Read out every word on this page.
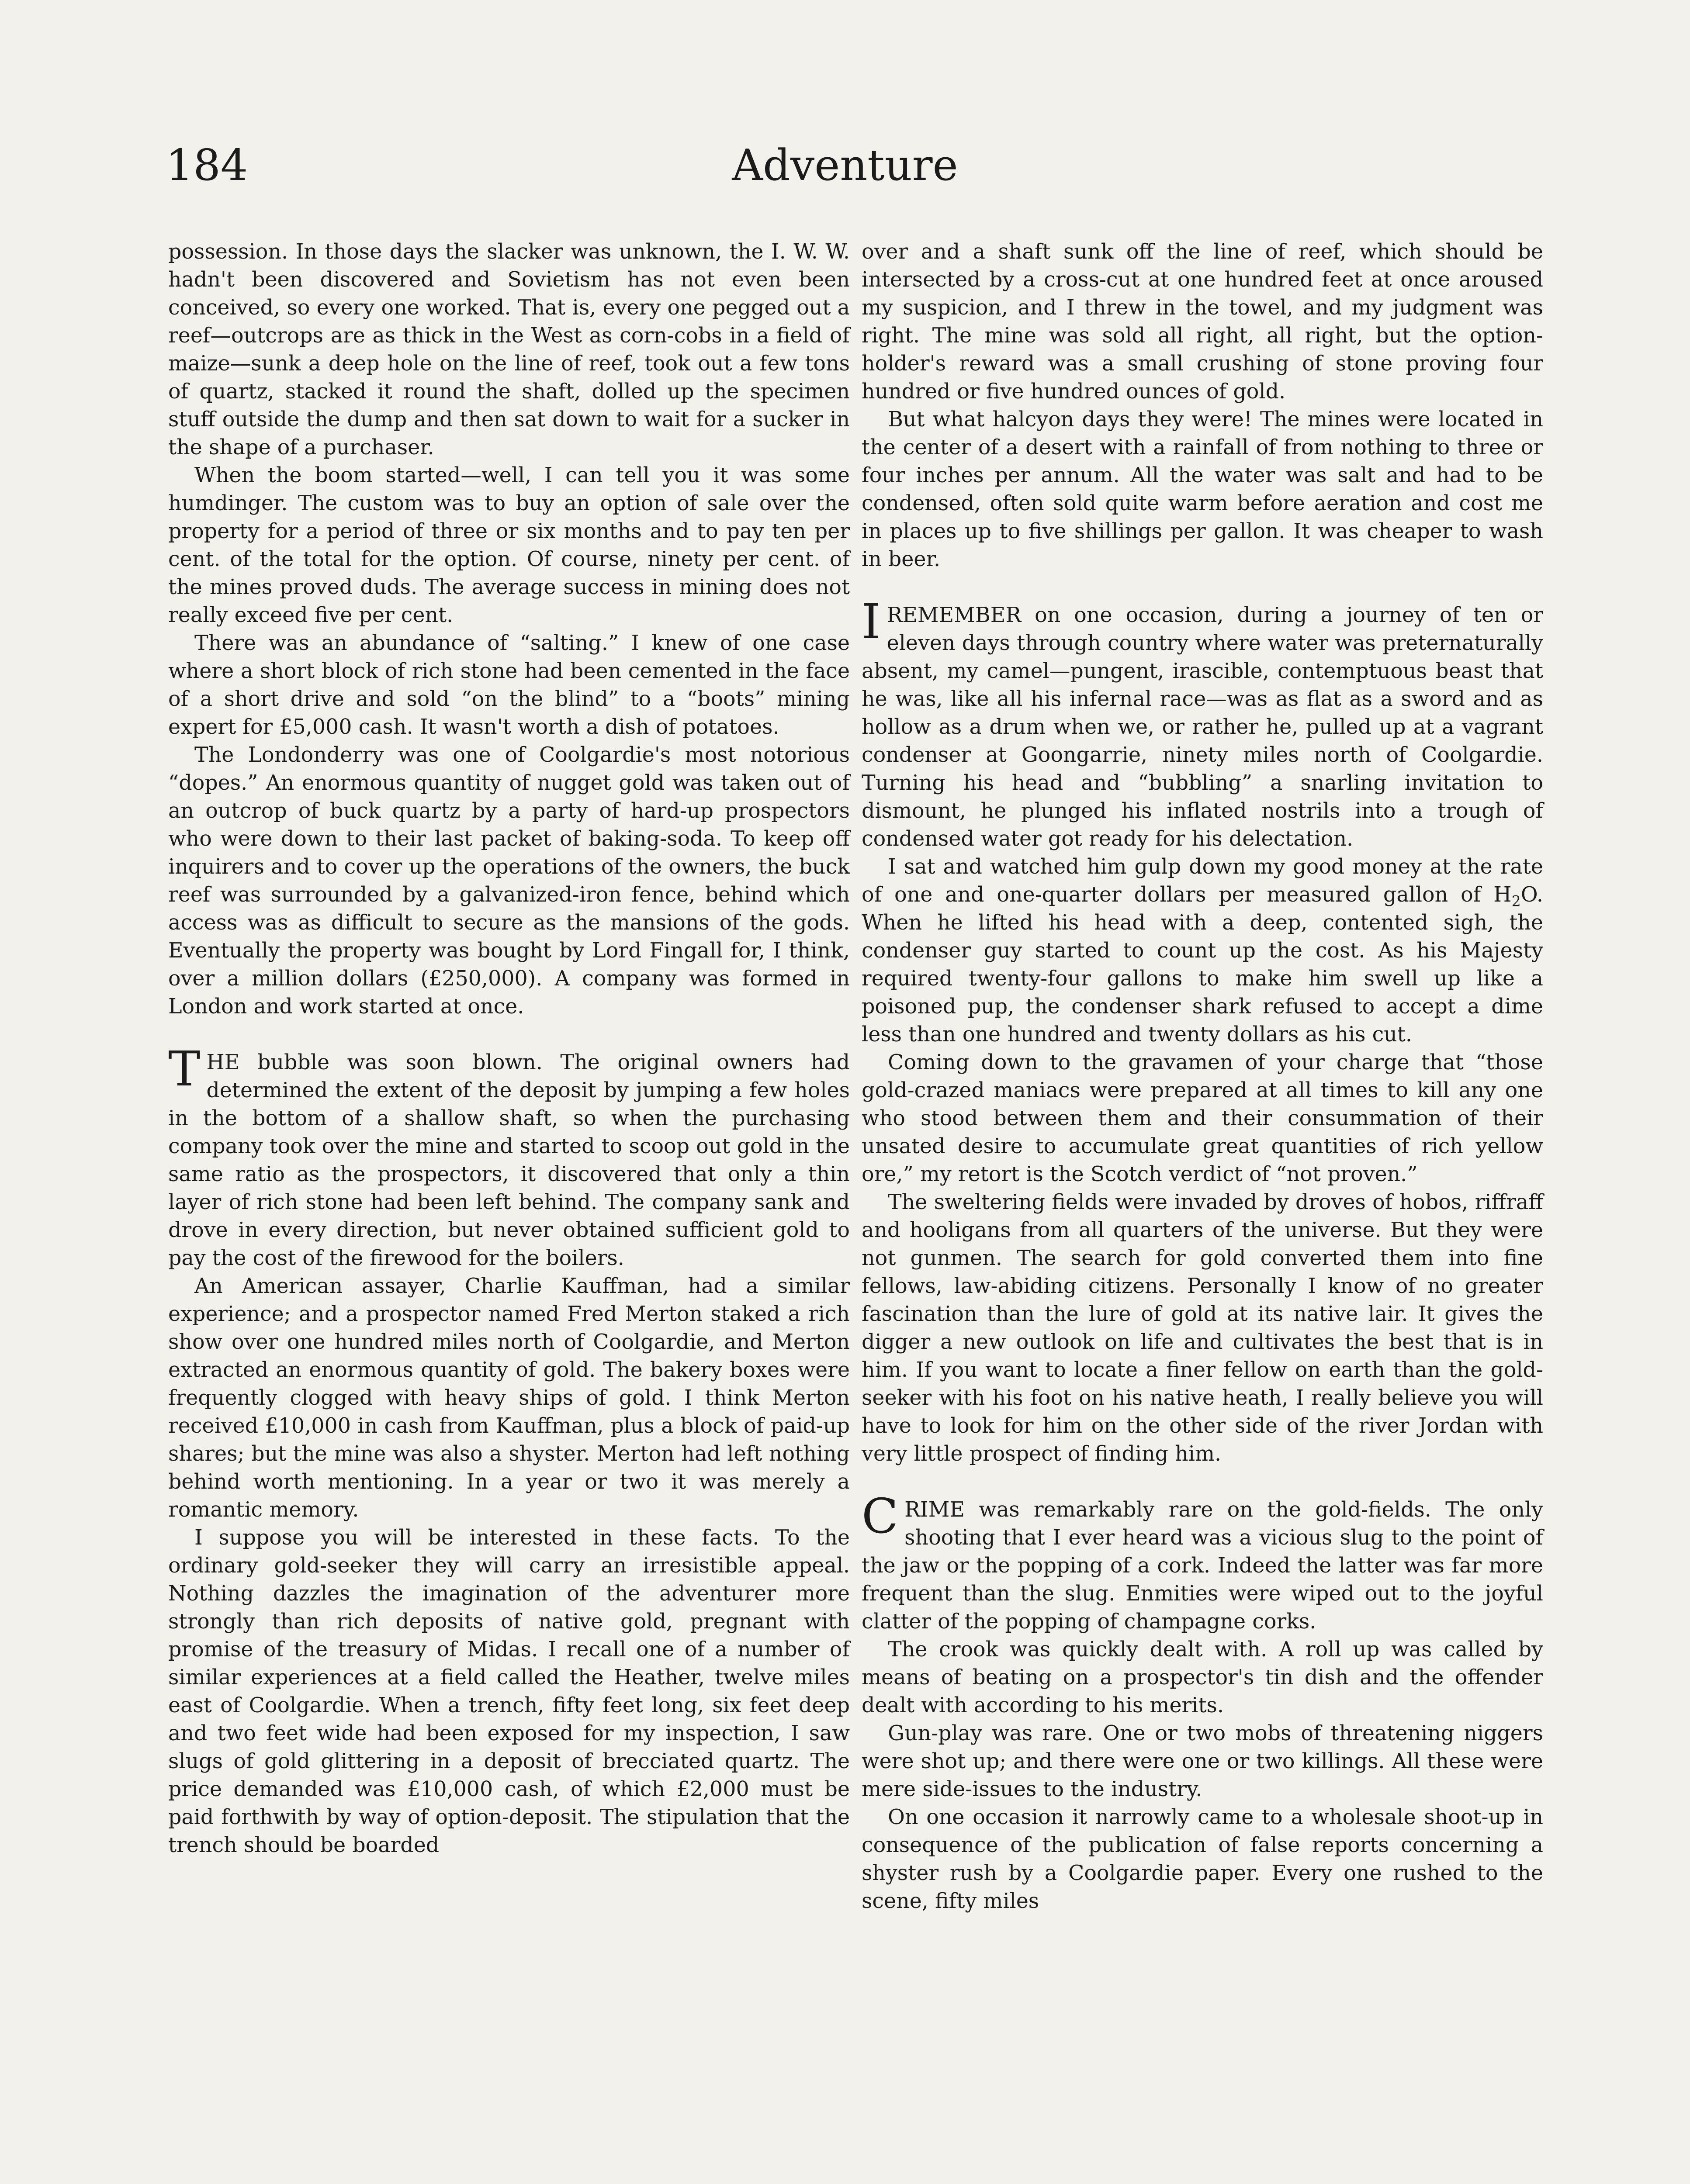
184	Adventure

possession. In those days the slacker was unknown, the I. W. W. hadn't been discovered and Sovietism has not even been conceived, so every one worked. That is, every one pegged out a reef—outcrops are as thick in the West as corn-cobs in a field of maize—sunk a deep hole on the line of reef, took out a few tons of quartz, stacked it round the shaft, dolled up the specimen stuff outside the dump and then sat down to wait for a sucker in the shape of a purchaser.

When the boom started—well, I can tell you it was some humdinger. The custom was to buy an option of sale over the property for a period of three or six months and to pay ten per cent. of the total for the option. Of course, ninety per cent. of the mines proved duds. The average success in mining does not really exceed five per cent.

There was an abundance of “salting.” I knew of one case where a short block of rich stone had been cemented in the face of a short drive and sold “on the blind” to a “boots” mining expert for £5,000 cash. It wasn't worth a dish of potatoes.

The Londonderry was one of Coolgardie's most notorious “dopes.” An enormous quantity of nugget gold was taken out of an outcrop of buck quartz by a party of hard-up prospectors who were down to their last packet of baking-soda. To keep off inquirers and to cover up the operations of the owners, the buck reef was surrounded by a galvanized-iron fence, behind which access was as difficult to secure as the mansions of the gods. Eventually the property was bought by Lord Fingall for, I think, over a million dollars (£250,000). A company was formed in London and work started at once.

THE bubble was soon blown. The original owners had determined the extent of the deposit by jumping a few holes in the bottom of a shallow shaft, so when the purchasing company took over the mine and started to scoop out gold in the same ratio as the prospectors, it discovered that only a thin layer of rich stone had been left behind. The company sank and drove in every direction, but never obtained sufficient gold to pay the cost of the firewood for the boilers.

An American assayer, Charlie Kauffman, had a similar experience; and a prospector named Fred Merton staked a rich show over one hundred miles north of Coolgardie, and Merton extracted an enormous quantity of gold. The bakery boxes were frequently clogged with heavy ships of gold. I think Merton received £10,000 in cash from Kauffman, plus a block of paid-up shares; but the mine was also a shyster. Merton had left nothing behind worth mentioning. In a year or two it was merely a romantic memory.

I suppose you will be interested in these facts. To the ordinary gold-seeker they will carry an irresistible appeal. Nothing dazzles the imagination of the adventurer more strongly than rich deposits of native gold, pregnant with promise of the treasury of Midas. I recall one of a number of similar experiences at a field called the Heather, twelve miles east of Coolgardie. When a trench, fifty feet long, six feet deep and two feet wide had been exposed for my inspection, I saw slugs of gold glittering in a deposit of brecciated quartz. The price demanded was £10,000 cash, of which £2,000 must be paid forthwith by way of option-deposit. The stipulation that the trench should be boarded

over and a shaft sunk off the line of reef, which should be intersected by a cross-cut at one hundred feet at once aroused my suspicion, and I threw in the towel, and my judgment was right. The mine was sold all right, all right, but the option-holder's reward was a small crushing of stone proving four hundred or five hundred ounces of gold.

But what halcyon days they were! The mines were located in the center of a desert with a rainfall of from nothing to three or four inches per annum. All the water was salt and had to be condensed, often sold quite warm before aeration and cost me in places up to five shillings per gallon. It was cheaper to wash in beer.

IREMEMBER on one occasion, during a journey of ten or eleven days through country where water was preternaturally absent, my camel—pungent, irascible, contemptuous beast that he was, like all his infernal race—was as flat as a sword and as hollow as a drum when we, or rather he, pulled up at a vagrant condenser at Goongarrie, ninety miles north of Coolgardie. Turning his head and “bubbling” a snarling invitation to dismount, he plunged his inflated nostrils into a trough of condensed water got ready for his delectation.

I sat and watched him gulp down my good money at the rate of one and one-quarter dollars per measured gallon of $H_2O$. When he lifted his head with a deep, contented sigh, the condenser guy started to count up the cost. As his Majesty required twenty-four gallons to make him swell up like a poisoned pup, the condenser shark refused to accept a dime less than one hundred and twenty dollars as his cut.

Coming down to the gravamen of your charge that “those gold-crazed maniacs were prepared at all times to kill any one who stood between them and their consummation of their unsated desire to accumulate great quantities of rich yellow ore,” my retort is the Scotch verdict of “not proven.”

The sweltering fields were invaded by droves of hobos, riffraff and hooligans from all quarters of the universe. But they were not gunmen. The search for gold converted them into fine fellows, law-abiding citizens. Personally I know of no greater fascination than the lure of gold at its native lair. It gives the digger a new outlook on life and cultivates the best that is in him. If you want to locate a finer fellow on earth than the gold-seeker with his foot on his native heath, I really believe you will have to look for him on the other side of the river Jordan with very little prospect of finding him.

CRIME was remarkably rare on the gold-fields. The only shooting that I ever heard was a vicious slug to the point of the jaw or the popping of a cork. Indeed the latter was far more frequent than the slug. Enmities were wiped out to the joyful clatter of the popping of champagne corks.

The crook was quickly dealt with. A roll up was called by means of beating on a prospector's tin dish and the offender dealt with according to his merits.

Gun-play was rare. One or two mobs of threatening niggers were shot up; and there were one or two killings. All these were mere side-issues to the industry.

On one occasion it narrowly came to a wholesale shoot-up in consequence of the publication of false reports concerning a shyster rush by a Coolgardie paper. Every one rushed to the scene, fifty miles
